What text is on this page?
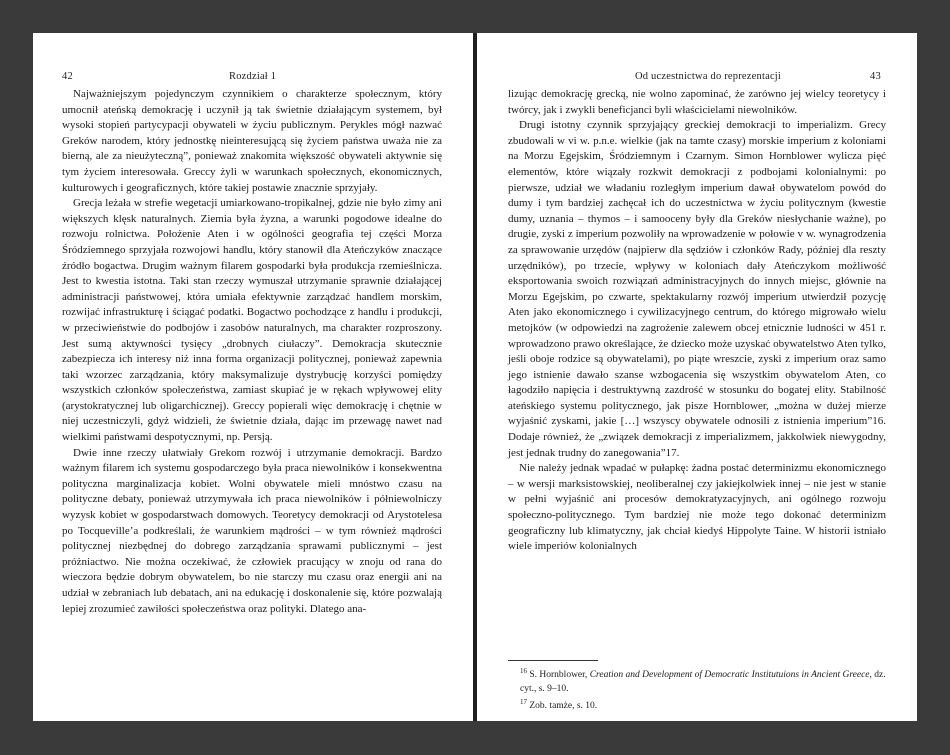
42	Rozdział 1

Najważniejszym pojedynczym czynnikiem o charakterze społecznym, który umocnił ateńską demokrację i uczynił ją tak świetnie działającym systemem, był wysoki stopień partycypacji obywateli w życiu publicznym. Perykles mógł nazwać Greków narodem, który jednostkę nieinteresującą się życiem państwa uważa nie za bierną, ale za nieużyteczną”, ponieważ znakomita większość obywateli aktywnie się tym życiem interesowała. Greccy żyli w warunkach społecznych, ekonomicznych, kulturowych i geograficznych, które takiej postawie znacznie sprzyjały.

Grecja leżała w strefie wegetacji umiarkowano-tropikalnej, gdzie nie było zimy ani większych klęsk naturalnych. Ziemia była żyzna, a warunki pogodowe idealne do rozwoju rolnictwa. Położenie Aten i w ogólności geografia tej części Morza Śródziemnego sprzyjała rozwojowi handlu, który stanowił dla Ateńczyków znaczące źródło bogactwa. Drugim ważnym filarem gospodarki była produkcja rzemieślnicza. Jest to kwestia istotna. Taki stan rzeczy wymuszał utrzymanie sprawnie działającej administracji państwowej, która umiała efektywnie zarządzać handlem morskim, rozwijać infrastrukturę i ściągać podatki. Bogactwo pochodzące z handlu i produkcji, w przeciwieństwie do podbojów i zasobów naturalnych, ma charakter rozproszony. Jest sumą aktywności tysięcy „drobnych ciułaczy”. Demokracja skutecznie zabezpiecza ich interesy niż inna forma organizacji politycznej, ponieważ zapewnia taki wzorzec zarządzania, który maksymalizuje dystrybucję korzyści pomiędzy wszystkich członków społeczeństwa, zamiast skupiać je w rękach wpływowej elity (arystokratycznej lub oligarchicznej). Greccy popierali więc demokrację i chętnie w niej uczestniczyli, gdyż widzieli, że świetnie działa, dając im przewagę nawet nad wielkimi państwami despotycznymi, np. Persją.

Dwie inne rzeczy ułatwiały Grekom rozwój i utrzymanie demokracji. Bardzo ważnym filarem ich systemu gospodarczego była praca niewolników i konsekwentna polityczna marginalizacja kobiet. Wolni obywatele mieli mnóstwo czasu na polityczne debaty, ponieważ utrzymywała ich praca niewolników i półniewolniczy wyzysk kobiet w gospodarstwach domowych. Teoretycy demokracji od Arystotelesa po Tocqueville’a podkreślali, że warunkiem mądrości – w tym również mądrości politycznej niezbędnej do dobrego zarządzania sprawami publicznymi – jest próżniactwo. Nie można oczekiwać, że człowiek pracujący w znoju od rana do wieczora będzie dobrym obywatelem, bo nie starczy mu czasu oraz energii ani na udział w zebraniach lub debatach, ani na edukację i doskonalenie się, które pozwalają lepiej zrozumieć zawiłości społeczeństwa oraz polityki. Dlatego ana-

Od uczestnictwa do reprezentacji	43

lizując demokrację grecką, nie wolno zapominać, że zarówno jej wielcy teoretycy i twórcy, jak i zwykli beneficjanci byli właścicielami niewolników.

Drugi istotny czynnik sprzyjający greckiej demokracji to imperializm. Grecy zbudowali w vi w. p.n.e. wielkie (jak na tamte czasy) morskie imperium z koloniami na Morzu Egejskim, Śródziemnym i Czarnym. Simon Hornblower wylicza pięć elementów, które wiązały rozkwit demokracji z podbojami kolonialnymi: po pierwsze, udział we władaniu rozległym imperium dawał obywatelom powód do dumy i tym bardziej zachęcał ich do uczestnictwa w życiu politycznym (kwestie dumy, uznania – thymos – i samooceny były dla Greków niesłychanie ważne), po drugie, zyski z imperium pozwoliły na wprowadzenie w połowie v w. wynagrodzenia za sprawowanie urzędów (najpierw dla sędziów i członków Rady, później dla reszty urzędników), po trzecie, wpływy w koloniach dały Ateńczykom możliwość eksportowania swoich rozwiązań administracyjnych do innych miejsc, głównie na Morzu Egejskim, po czwarte, spektakularny rozwój imperium utwierdził pozycję Aten jako ekonomicznego i cywilizacyjnego centrum, do którego migrowało wielu metojków (w odpowiedzi na zagrożenie zalewem obcej etnicznie ludności w 451 r. wprowadzono prawo określające, że dziecko może uzyskać obywatelstwo Aten tylko, jeśli oboje rodzice są obywatelami), po piąte wreszcie, zyski z imperium oraz samo jego istnienie dawało szanse wzbogacenia się wszystkim obywatelom Aten, co łagodziło napięcia i destruktywną zazdrość w stosunku do bogatej elity. Stabilność ateńskiego systemu politycznego, jak pisze Hornblower, „można w dużej mierze wyjaśnić zyskami, jakie […] wszyscy obywatele odnosili z istnienia imperium”16. Dodaje również, że „związek demokracji z imperializmem, jakkolwiek niewygodny, jest jednak trudny do zanegowania”17.

Nie należy jednak wpadać w pułapkę: żadna postać determinizmu ekonomicznego – w wersji marksistowskiej, neoliberalnej czy jakiejkolwiek innej – nie jest w stanie w pełni wyjaśnić ani procesów demokratyzacyjnych, ani ogólnego rozwoju społeczno-politycznego. Tym bardziej nie może tego dokonać determinizm geograficzny lub klimatyczny, jak chciał kiedyś Hippolyte Taine. W historii istniało wiele imperiów kolonialnych

$^{16}$ S. Hornblower, Creation and Development of Democratic Institutuions in Ancient Greece, dz. cyt., s. 9–10.

$^{17}$ Zob. tamże, s. 10.
